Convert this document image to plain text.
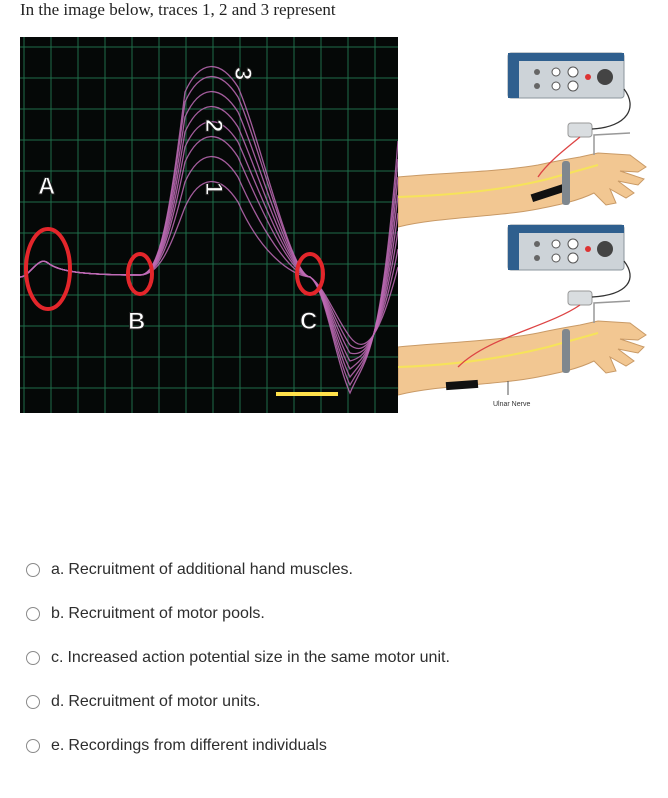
In the image below, traces 1, 2 and 3 represent
A
B	C
3
2
1
Ulnar Nerve
a. Recruitment of additional hand muscles.
b. Recruitment of motor pools.
c. Increased action potential size in the same motor unit.
d. Recruitment of motor units.
e. Recordings from different individuals
